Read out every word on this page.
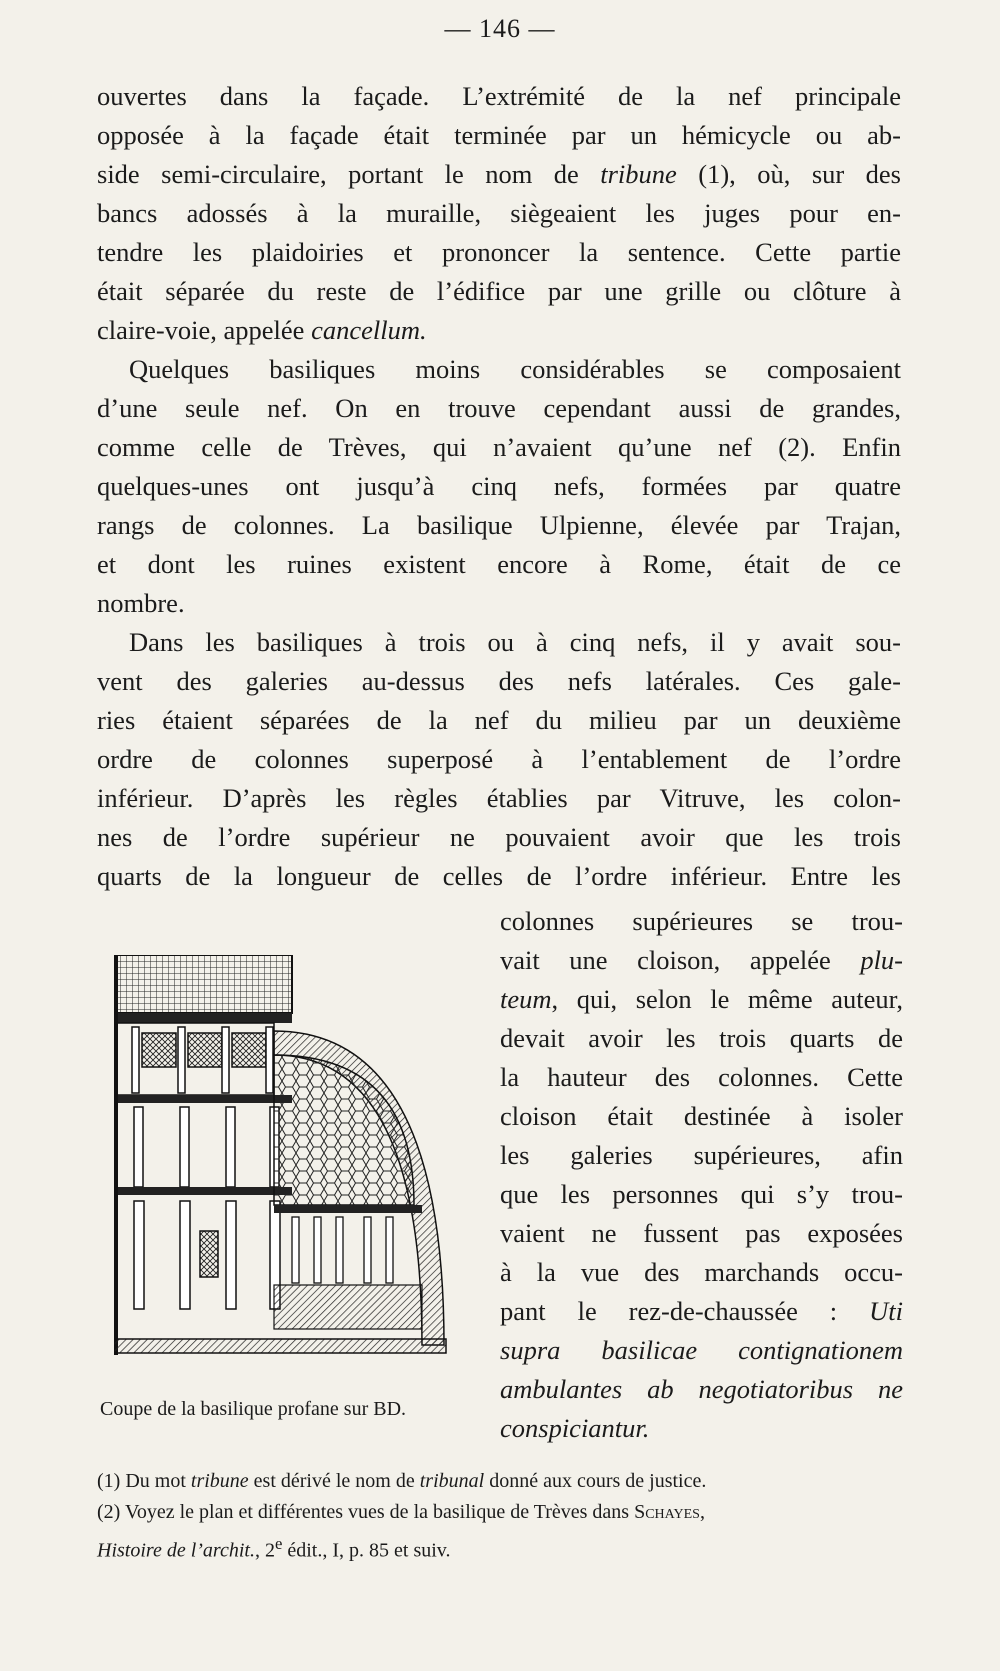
— 146 —

ouvertes dans la façade. L’extrémité de la nef principale
opposée à la façade était terminée par un hémicycle ou ab-
side semi-circulaire, portant le nom de tribune (1), où, sur des
bancs adossés à la muraille, siègeaient les juges pour en-
tendre les plaidoiries et prononcer la sentence. Cette partie
était séparée du reste de l’édifice par une grille ou clôture à
claire-voie, appelée cancellum.

Quelques basiliques moins considérables se composaient
d’une seule nef. On en trouve cependant aussi de grandes,
comme celle de Trèves, qui n’avaient qu’une nef (2). Enfin
quelques-unes ont jusqu’à cinq nefs, formées par quatre
rangs de colonnes. La basilique Ulpienne, élevée par Trajan,
et dont les ruines existent encore à Rome, était de ce
nombre.

Dans les basiliques à trois ou à cinq nefs, il y avait sou-
vent des galeries au-dessus des nefs latérales. Ces gale-
ries étaient séparées de la nef du milieu par un deuxième
ordre de colonnes superposé à l’entablement de l’ordre
inférieur. D’après les règles établies par Vitruve, les colon-
nes de l’ordre supérieur ne pouvaient avoir que les trois
quarts de la longueur de celles de l’ordre inférieur. Entre les

colonnes supérieures se trou-
vait une cloison, appelée plu-
teum, qui, selon le même auteur,
devait avoir les trois quarts de
la hauteur des colonnes. Cette
cloison était destinée à isoler
les galeries supérieures, afin
que les personnes qui s’y trou-
vaient ne fussent pas exposées
à la vue des marchands occu-
pant le rez-de-chaussée : Uti
supra basilicae contignationem
ambulantes ab negotiatoribus ne
conspiciantur.
Coupe de la basilique profane sur BD.
(1) Du mot tribune est dérivé le nom de tribunal donné aux cours de justice.
(2) Voyez le plan et différentes vues de la basilique de Trèves dans Schayes,
Histoire de l’archit., 2e édit., I, p. 85 et suiv.
